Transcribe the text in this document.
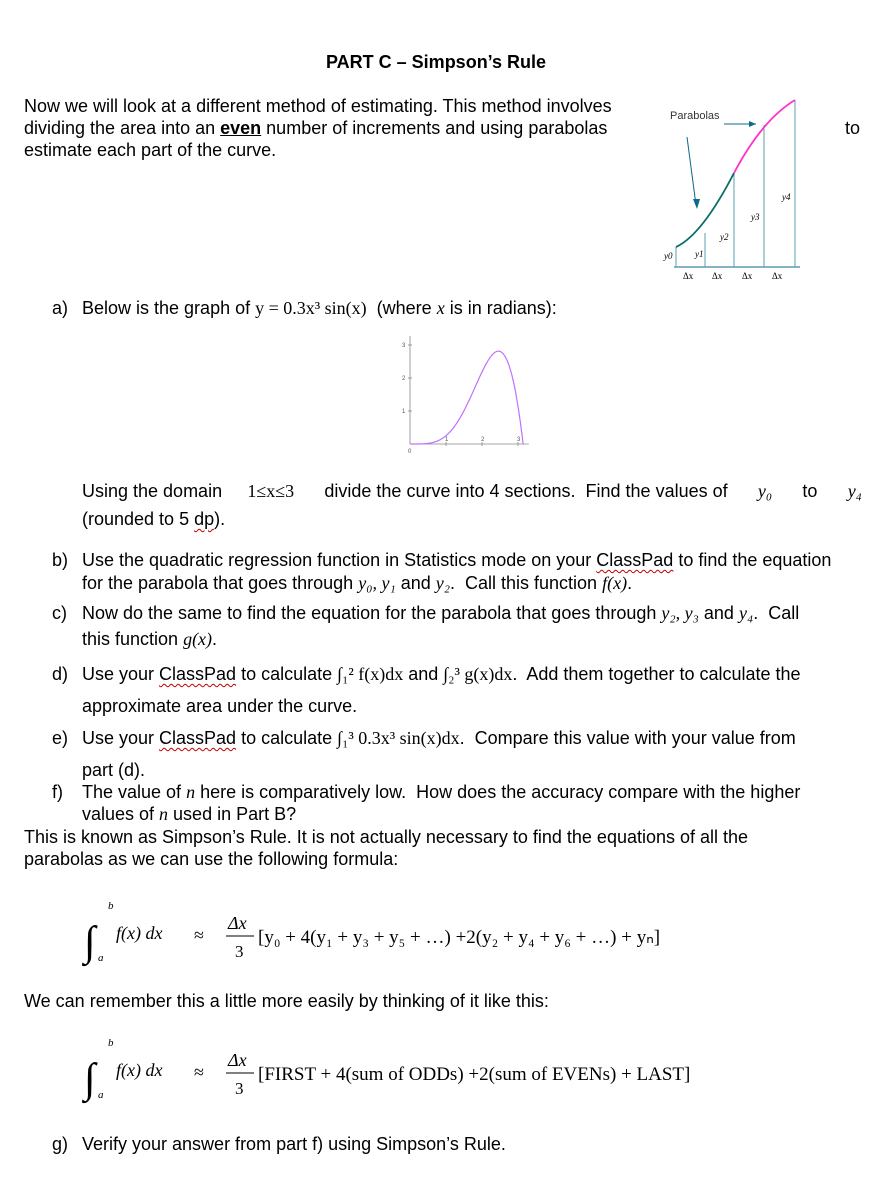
PART C – Simpson’s Rule
Now we will look at a different method of estimating. This method involves
dividing the area into an even number of increments and using parabolas
estimate each part of the curve.
to
Parabolas
y0	y1
y2
y3
y4
Δx Δx Δx Δx
a) Below is the graph of y = 0.3x³ sin(x) (where x is in radians):
1
2
3
1	2	3
0
Using the domain 1≤x≤3 divide the curve into 4 sections.  Find the values of y₀ to y₄
(rounded to 5 dp).
b) Use the quadratic regression function in Statistics mode on your ClassPad to find the equation
for the parabola that goes through y₀, y₁ and y₂.  Call this function f(x).
c) Now do the same to find the equation for the parabola that goes through y₂, y₃ and y₄ .  Call
this function g(x).
d) Use your ClassPad to calculate ∫₁² f(x)dx and ∫₂³ g(x)dx .  Add them together to calculate the
approximate area under the curve.
e) Use your ClassPad to calculate ∫₁³ 0.3x³ sin(x)dx .  Compare this value with your value from
part (d).
f) The value of n here is comparatively low.  How does the accuracy compare with the higher
values of n used in Part B?
This is known as Simpson’s Rule. It is not actually necessary to find the equations of all the
parabolas as we can use the following formula:
∫
b
a
f(x) dx ≈
Δx
3
[y₀ + 4(y₁ + y₃ + y₅ + …) +2(y₂ + y₄ + y₆ + …) + yₙ]
We can remember this a little more easily by thinking of it like this:
∫
b
a
f(x) dx ≈
Δx
3
[FIRST + 4(sum of ODDs) +2(sum of EVENs) + LAST]
g) Verify your answer from part f) using Simpson’s Rule.
